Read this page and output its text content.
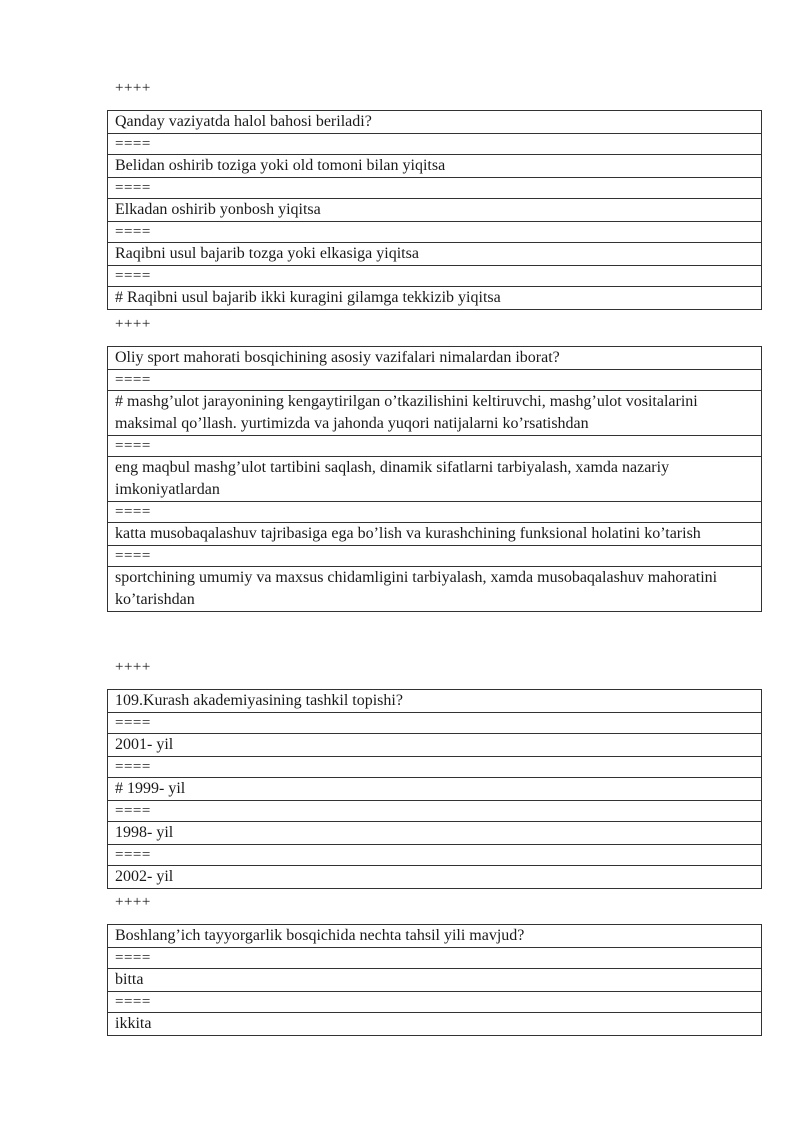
++++
Qanday vaziyatda halol bahosi beriladi?
====
Belidan oshirib toziga yoki old tomoni bilan yiqitsa
====
Elkadan oshirib yonbosh yiqitsa
====
Raqibni usul bajarib tozga yoki elkasiga yiqitsa
====
# Raqibni usul bajarib ikki kuragini gilamga tekkizib yiqitsa
++++
Oliy sport mahorati bosqichining asosiy vazifalari nimalardan iborat?
====
# mashg’ulot jarayonining kengaytirilgan o’tkazilishini keltiruvchi, mashg’ulot vositalarini maksimal qo’llash. yurtimizda va jahonda yuqori natijalarni ko’rsatishdan
====
eng maqbul mashg’ulot tartibini saqlash, dinamik sifatlarni tarbiyalash, xamda nazariy imkoniyatlardan
====
katta musobaqalashuv tajribasiga ega bo’lish va kurashchining funksional holatini ko’tarish
====
sportchining umumiy va maxsus chidamligini tarbiyalash, xamda musobaqalashuv mahoratini ko’tarishdan
++++
109.Kurash akademiyasining tashkil topishi?
====
2001- yil
====
# 1999- yil
====
1998- yil
====
2002- yil
++++
Boshlang’ich tayyorgarlik bosqichida nechta tahsil yili mavjud?
====
bitta
====
ikkita
